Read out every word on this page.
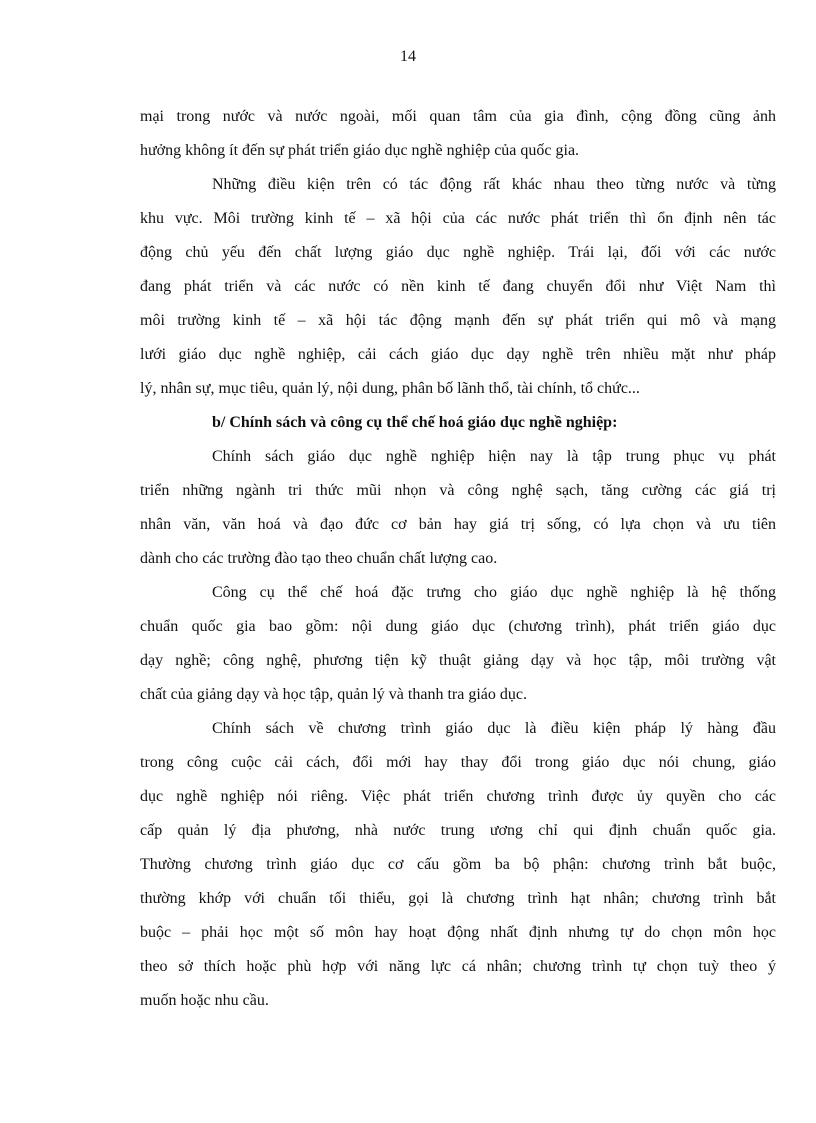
14
mại trong nước và nước ngoài, mối quan tâm của gia đình, cộng đồng cũng ảnh
hưởng không ít đến sự phát triển giáo dục nghề nghiệp của quốc gia.
Những điều kiện trên có tác động rất khác nhau theo từng nước và từng
khu vực. Môi trường kinh tế – xã hội của các nước phát triển thì ổn định nên tác
động chủ yếu đến chất lượng giáo dục nghề nghiệp. Trái lại, đối với các nước
đang phát triển và các nước có nền kinh tế đang chuyển đổi như Việt Nam thì
môi trường kinh tế – xã hội tác động mạnh đến sự phát triển qui mô và mạng
lưới giáo dục nghề nghiệp, cải cách giáo dục dạy nghề trên nhiều mặt như pháp
lý, nhân sự, mục tiêu, quản lý, nội dung, phân bố lãnh thổ, tài chính, tổ chức...
b/ Chính sách và công cụ thể chế hoá giáo dục nghề nghiệp:
Chính sách giáo dục nghề nghiệp hiện nay là tập trung phục vụ phát
triển những ngành tri thức mũi nhọn và công nghệ sạch, tăng cường các giá trị
nhân văn, văn hoá và đạo đức cơ bản hay giá trị sống, có lựa chọn và ưu tiên
dành cho các trường đào tạo theo chuẩn chất lượng cao.
Công cụ thể chế hoá đặc trưng cho giáo dục nghề nghiệp là hệ thống
chuẩn quốc gia bao gồm: nội dung giáo dục (chương trình), phát triển giáo dục
dạy nghề; công nghệ, phương tiện kỹ thuật giảng dạy và học tập, môi trường vật
chất của giảng dạy và học tập, quản lý và thanh tra giáo dục.
Chính sách về chương trình giáo dục là điều kiện pháp lý hàng đầu
trong công cuộc cải cách, đổi mới hay thay đổi trong giáo dục nói chung, giáo
dục nghề nghiệp nói riêng. Việc phát triển chương trình được ủy quyền cho các
cấp quản lý địa phương, nhà nước trung ương chỉ qui định chuẩn quốc gia.
Thường chương trình giáo dục cơ cấu gồm ba bộ phận: chương trình bắt buộc,
thường khớp với chuẩn tối thiểu, gọi là chương trình hạt nhân; chương trình bắt
buộc – phải học một số môn hay hoạt động nhất định nhưng tự do chọn môn học
theo sở thích hoặc phù hợp với năng lực cá nhân; chương trình tự chọn tuỳ theo ý
muốn hoặc nhu cầu.
